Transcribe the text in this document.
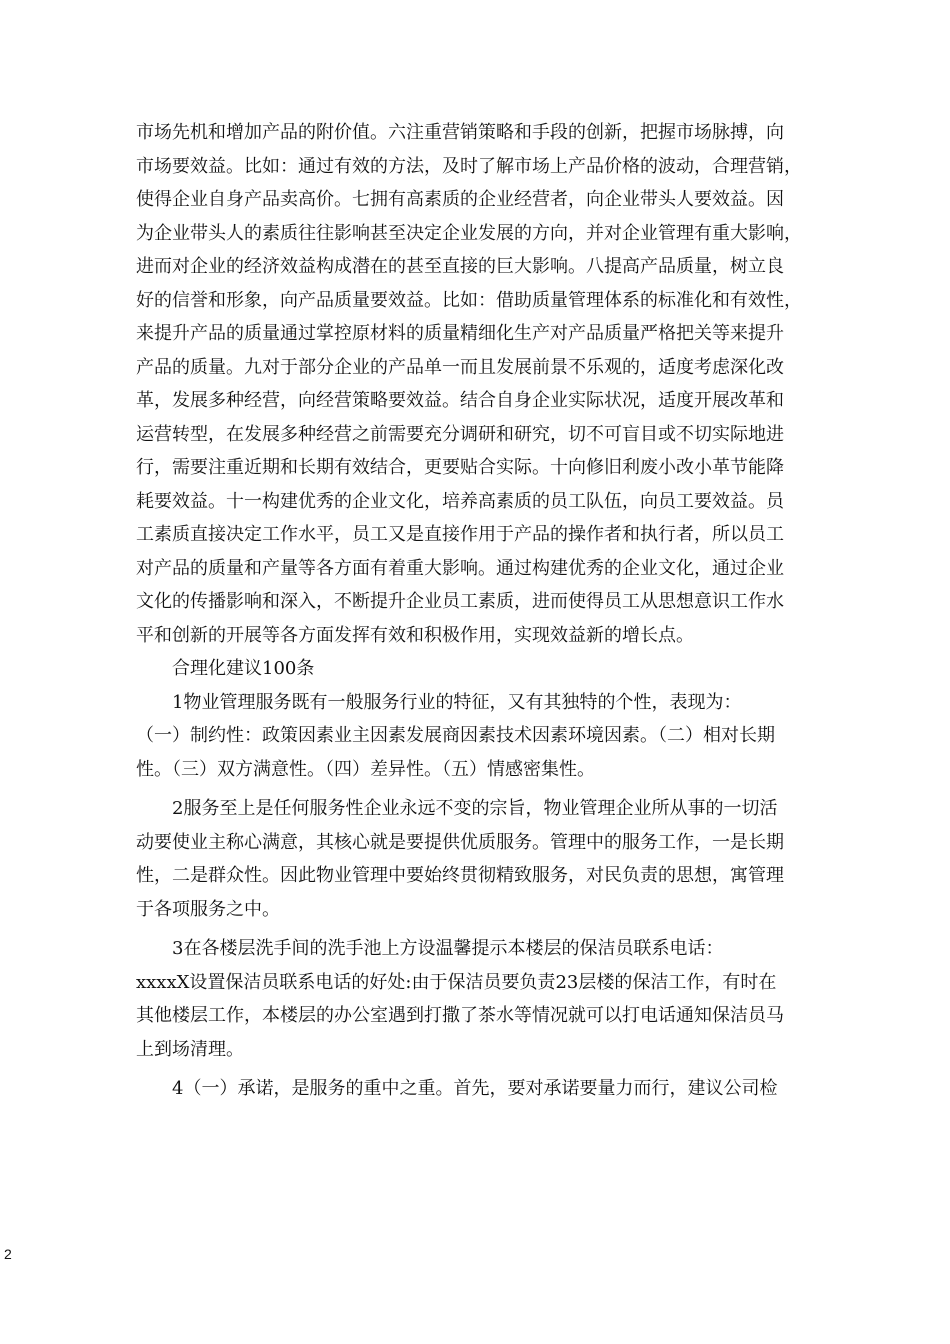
市场先机和增加产品的附价值。六注重营销策略和手段的创新，把握市场脉搏，向
市场要效益。比如：通过有效的方法，及时了解市场上产品价格的波动，合理营销，
使得企业自身产品卖高价。七拥有高素质的企业经营者，向企业带头人要效益。因
为企业带头人的素质往往影响甚至决定企业发展的方向，并对企业管理有重大影响，
进而对企业的经济效益构成潜在的甚至直接的巨大影响。八提高产品质量，树立良
好的信誉和形象，向产品质量要效益。比如：借助质量管理体系的标准化和有效性，
来提升产品的质量通过掌控原材料的质量精细化生产对产品质量严格把关等来提升
产品的质量。九对于部分企业的产品单一而且发展前景不乐观的，适度考虑深化改
革，发展多种经营，向经营策略要效益。结合自身企业实际状况，适度开展改革和
运营转型，在发展多种经营之前需要充分调研和研究，切不可盲目或不切实际地进
行，需要注重近期和长期有效结合，更要贴合实际。十向修旧利废小改小革节能降
耗要效益。十一构建优秀的企业文化，培养高素质的员工队伍，向员工要效益。员
工素质直接决定工作水平，员工又是直接作用于产品的操作者和执行者，所以员工
对产品的质量和产量等各方面有着重大影响。通过构建优秀的企业文化，通过企业
文化的传播影响和深入，不断提升企业员工素质，进而使得员工从思想意识工作水
平和创新的开展等各方面发挥有效和积极作用，实现效益新的增长点。
　　合理化建议100条
　　1物业管理服务既有一般服务行业的特征，又有其独特的个性，表现为：
（一）制约性：政策因素业主因素发展商因素技术因素环境因素。（二）相对长期
性。（三）双方满意性。（四）差异性。（五）情感密集性。
　　2服务至上是任何服务性企业永远不变的宗旨，物业管理企业所从事的一切活
动要使业主称心满意，其核心就是要提供优质服务。管理中的服务工作，一是长期
性，二是群众性。因此物业管理中要始终贯彻精致服务，对民负责的思想，寓管理
于各项服务之中。
　　3在各楼层洗手间的洗手池上方设温馨提示本楼层的保洁员联系电话：
xxxxX设置保洁员联系电话的好处:由于保洁员要负责23层楼的保洁工作，有时在
其他楼层工作，本楼层的办公室遇到打撒了茶水等情况就可以打电话通知保洁员马
上到场清理。
　　4（一）承诺，是服务的重中之重。首先，要对承诺要量力而行，建议公司检
2
